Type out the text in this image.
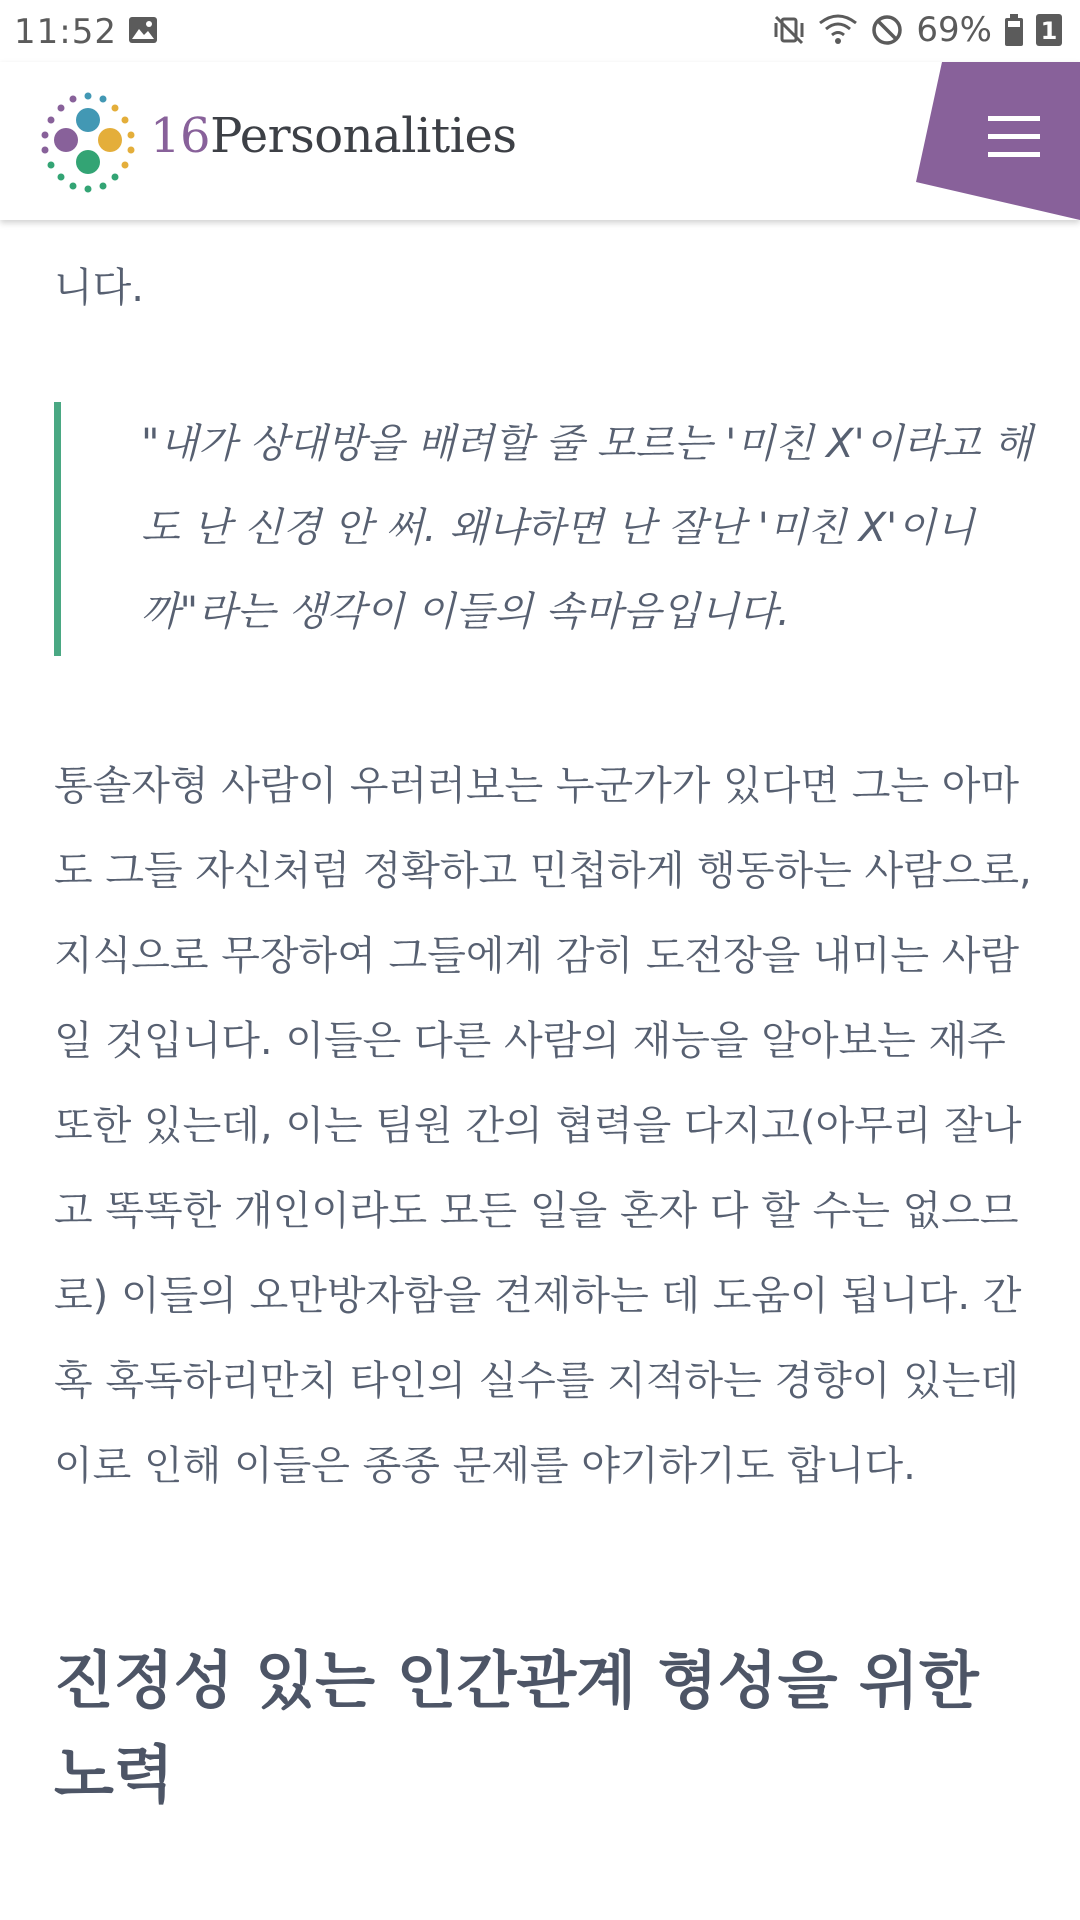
11:52	69% 1
16Personalities
니다.
"내가 상대방을 배려할 줄 모르는 '미친 X'이라고 해도 난 신경 안 써. 왜냐하면 난 잘난 '미친 X'이니까"라는 생각이 이들의 속마음입니다.
통솔자형 사람이 우러러보는 누군가가 있다면 그는 아마도 그들 자신처럼 정확하고 민첩하게 행동하는 사람으로, 지식으로 무장하여 그들에게 감히 도전장을 내미는 사람일 것입니다. 이들은 다른 사람의 재능을 알아보는 재주 또한 있는데, 이는 팀원 간의 협력을 다지고(아무리 잘나고 똑똑한 개인이라도 모든 일을 혼자 다 할 수는 없으므로) 이들의 오만방자함을 견제하는 데 도움이 됩니다. 간혹 혹독하리만치 타인의 실수를 지적하는 경향이 있는데 이로 인해 이들은 종종 문제를 야기하기도 합니다.
진정성 있는 인간관계 형성을 위한 노력
